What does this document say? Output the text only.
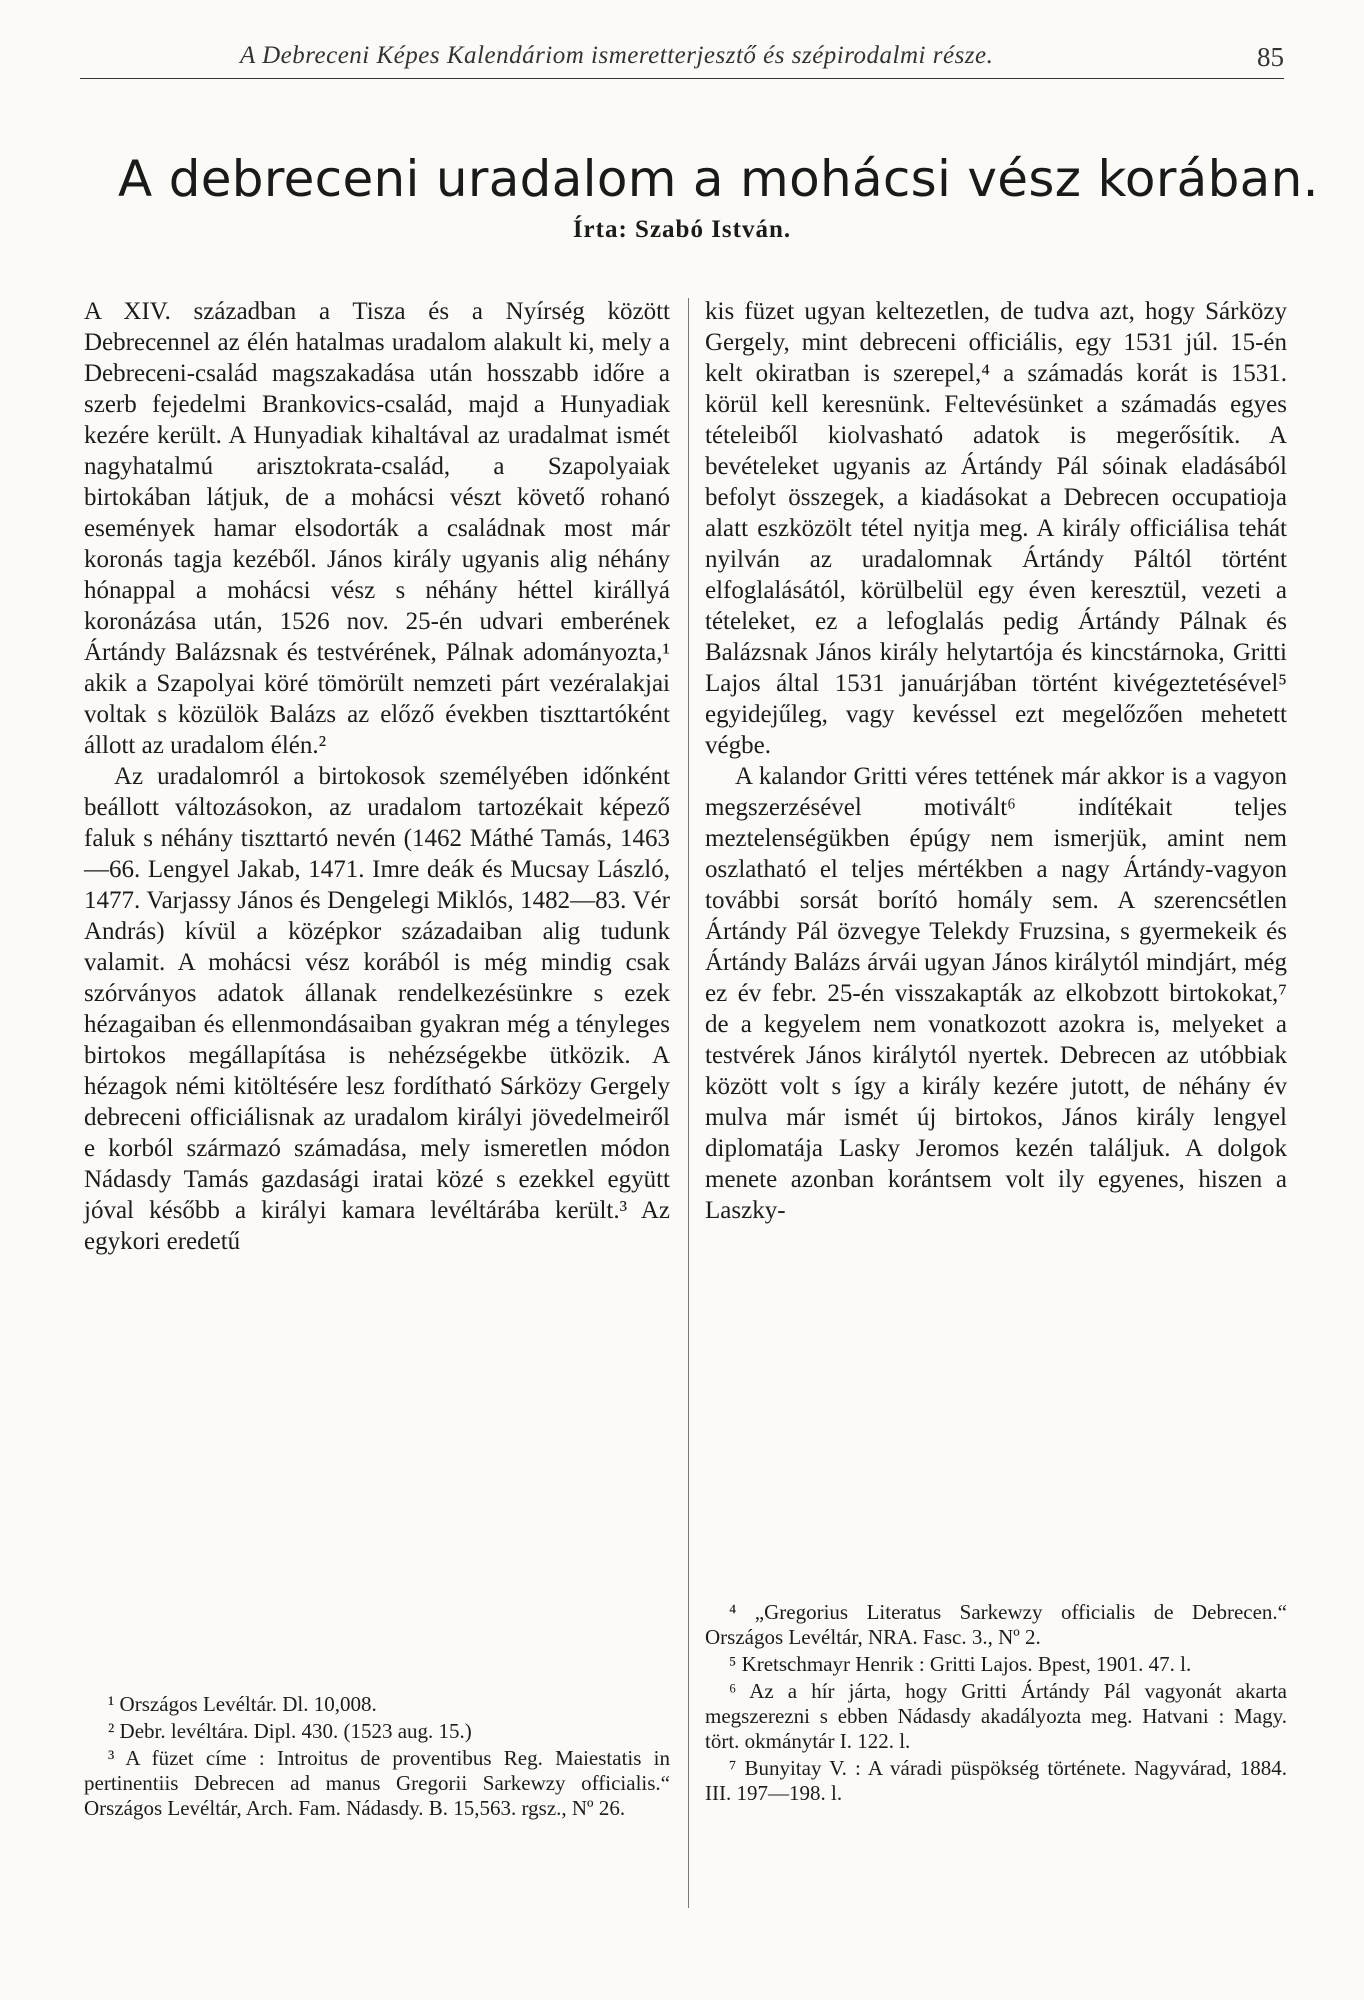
A Debreceni Képes Kalendáriom ismeretterjesztő és szépirodalmi része.	85
A debreceni uradalom a mohácsi vész korában.
Írta: Szabó István.

A XIV. században a Tisza és a Nyírség között Debrecennel az élén hatalmas uradalom alakult ki, mely a Debreceni-család magszakadása után hosszabb időre a szerb fejedelmi Brankovics-család, majd a Hunyadiak kezére került. A Hunyadiak kihaltával az uradalmat ismét nagyhatalmú arisztokrata-család, a Szapolyaiak birtokában látjuk, de a mohácsi vészt követő rohanó események hamar elsodorták a családnak most már koronás tagja kezéből. János király ugyanis alig néhány hónappal a mohácsi vész s néhány héttel királlyá koronázása után, 1526 nov. 25-én udvari emberének Ártándy Balázsnak és testvérének, Pálnak adományozta,¹ akik a Szapolyai köré tömörült nemzeti párt vezéralakjai voltak s közülök Balázs az előző években tiszttartóként állott az uradalom élén.²

Az uradalomról a birtokosok személyében időnként beállott változásokon, az uradalom tartozékait képező faluk s néhány tiszttartó nevén (1462 Máthé Tamás, 1463—66. Lengyel Jakab, 1471. Imre deák és Mucsay László, 1477. Varjassy János és Dengelegi Miklós, 1482—83. Vér András) kívül a középkor századaiban alig tudunk valamit. A mohácsi vész korából is még mindig csak szórványos adatok állanak rendelkezésünkre s ezek hézagaiban és ellenmondásaiban gyakran még a tényleges birtokos megállapítása is nehézségekbe ütközik. A hézagok némi kitöltésére lesz fordítható Sárközy Gergely debreceni officiálisnak az uradalom királyi jövedelmeiről e korból származó számadása, mely ismeretlen módon Nádasdy Tamás gazdasági iratai közé s ezekkel együtt jóval később a királyi kamara levéltárába került.³ Az egykori eredetű

kis füzet ugyan keltezetlen, de tudva azt, hogy Sárközy Gergely, mint debreceni officiális, egy 1531 júl. 15-én kelt okiratban is szerepel,⁴ a számadás korát is 1531. körül kell keresnünk. Feltevésünket a számadás egyes tételeiből kiolvasható adatok is megerősítik. A bevételeket ugyanis az Ártándy Pál sóinak eladásából befolyt összegek, a kiadásokat a Debrecen occupatioja alatt eszközölt tétel nyitja meg. A király officiálisa tehát nyilván az uradalomnak Ártándy Páltól történt elfoglalásától, körülbelül egy éven keresztül, vezeti a tételeket, ez a lefoglalás pedig Ártándy Pálnak és Balázsnak János király helytartója és kincstárnoka, Gritti Lajos által 1531 januárjában történt kivégeztetésével⁵ egyidejűleg, vagy kevéssel ezt megelőzően mehetett végbe.

A kalandor Gritti véres tettének már akkor is a vagyon megszerzésével motivált⁶ indítékait teljes meztelenségükben épúgy nem ismerjük, amint nem oszlatható el teljes mértékben a nagy Ártándy-vagyon további sorsát borító homály sem. A szerencsétlen Ártándy Pál özvegye Telekdy Fruzsina, s gyermekeik és Ártándy Balázs árvái ugyan János királytól mindjárt, még ez év febr. 25-én visszakapták az elkobzott birtokokat,⁷ de a kegyelem nem vonatkozott azokra is, melyeket a testvérek János királytól nyertek. Debrecen az utóbbiak között volt s így a király kezére jutott, de néhány év mulva már ismét új birtokos, János király lengyel diplomatája Lasky Jeromos kezén találjuk. A dolgok menete azonban korántsem volt ily egyenes, hiszen a Laszky-

¹ Országos Levéltár. Dl. 10,008.

² Debr. levéltára. Dipl. 430. (1523 aug. 15.)

³ A füzet címe : Introitus de proventibus Reg. Maiestatis in pertinentiis Debrecen ad manus Gregorii Sarkewzy officialis.“ Országos Levéltár, Arch. Fam. Nádasdy. B. 15,563. rgsz., Nº 26.

⁴ „Gregorius Literatus Sarkewzy officialis de Debrecen.“ Országos Levéltár, NRA. Fasc. 3., Nº 2.

⁵ Kretschmayr Henrik : Gritti Lajos. Bpest, 1901. 47. l.

⁶ Az a hír járta, hogy Gritti Ártándy Pál vagyonát akarta megszerezni s ebben Nádasdy akadályozta meg. Hatvani : Magy. tört. okmánytár I. 122. l.

⁷ Bunyitay V. : A váradi püspökség története. Nagyvárad, 1884. III. 197—198. l.
